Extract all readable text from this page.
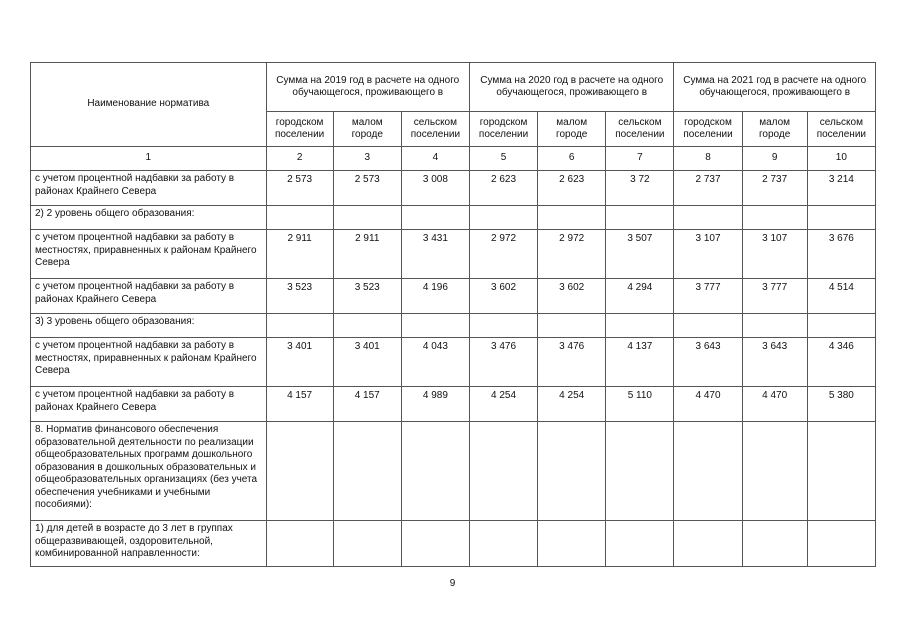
Наименование норматива	Сумма на 2019 год в расчете на одного обучающегося, проживающего в			Сумма на 2020 год в расчете на одного обучающегося, проживающего в			Сумма на 2021 год в расчете на одного обучающегося, проживающего в		
	городском поселении	малом городе	сельском поселении	городском поселении	малом городе	сельском поселении	городском поселении	малом городе	сельском поселении
1	2	3	4	5	6	7	8	9	10
с учетом процентной надбавки за работу в районах Крайнего Севера	2 573	2 573	3 008	2 623	2 623	3 72	2 737	2 737	3 214
2) 2 уровень общего образования:									
с учетом процентной надбавки за работу в местностях, приравненных к районам Крайнего Севера	2 911	2 911	3 431	2 972	2 972	3 507	3 107	3 107	3 676
с учетом процентной надбавки за работу в районах Крайнего Севера	3 523	3 523	4 196	3 602	3 602	4 294	3 777	3 777	4 514
3) 3 уровень общего образования:									
с учетом процентной надбавки за работу в местностях, приравненных к районам Крайнего Севера	3 401	3 401	4 043	3 476	3 476	4 137	3 643	3 643	4 346
с учетом процентной надбавки за работу в районах Крайнего Севера	4 157	4 157	4 989	4 254	4 254	5 110	4 470	4 470	5 380
8. Норматив финансового обеспечения образовательной деятельности по реализации общеобразовательных программ дошкольного образования в дошкольных образовательных и общеобразовательных организациях (без учета обеспечения учебниками и учебными пособиями):									
1) для детей в возрасте до 3 лет в группах общеразвивающей, оздоровительной, комбинированной направленности:									
9
